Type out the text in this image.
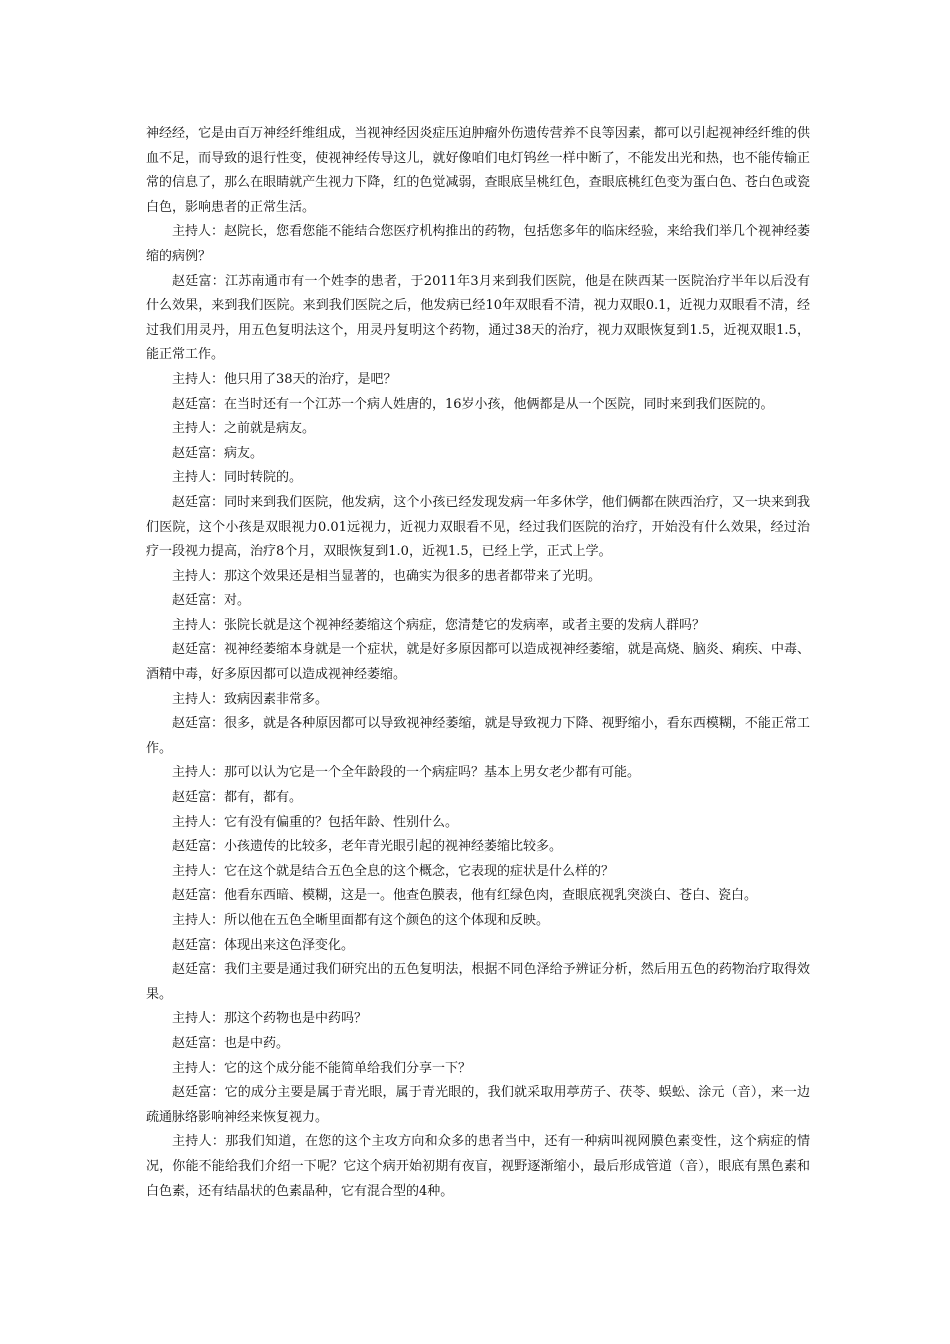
神经经，它是由百万神经纤维组成，当视神经因炎症压迫肿瘤外伤遗传营养不良等因素，都可以引起视神经纤维的供血不足，而导致的退行性变，使视神经传导这儿，就好像咱们电灯钨丝一样中断了，不能发出光和热，也不能传输正常的信息了，那么在眼睛就产生视力下降，红的色觉减弱，查眼底呈桃红色，查眼底桃红色变为蛋白色、苍白色或瓷白色，影响患者的正常生活。

主持人：赵院长，您看您能不能结合您医疗机构推出的药物，包括您多年的临床经验，来给我们举几个视神经萎缩的病例？

赵廷富：江苏南通市有一个姓李的患者，于2011年3月来到我们医院，他是在陕西某一医院治疗半年以后没有什么效果，来到我们医院。来到我们医院之后，他发病已经10年双眼看不清，视力双眼0.1，近视力双眼看不清，经过我们用灵丹，用五色复明法这个，用灵丹复明这个药物，通过38天的治疗，视力双眼恢复到1.5，近视双眼1.5，能正常工作。

主持人：他只用了38天的治疗，是吧？

赵廷富：在当时还有一个江苏一个病人姓唐的，16岁小孩，他俩都是从一个医院，同时来到我们医院的。

主持人：之前就是病友。

赵廷富：病友。

主持人：同时转院的。

赵廷富：同时来到我们医院，他发病，这个小孩已经发现发病一年多休学，他们俩都在陕西治疗，又一块来到我们医院，这个小孩是双眼视力0.01远视力，近视力双眼看不见，经过我们医院的治疗，开始没有什么效果，经过治疗一段视力提高，治疗8个月，双眼恢复到1.0，近视1.5，已经上学，正式上学。

主持人：那这个效果还是相当显著的，也确实为很多的患者都带来了光明。

赵廷富：对。

主持人：张院长就是这个视神经萎缩这个病症，您清楚它的发病率，或者主要的发病人群吗？

赵廷富：视神经萎缩本身就是一个症状，就是好多原因都可以造成视神经萎缩，就是高烧、脑炎、痢疾、中毒、酒精中毒，好多原因都可以造成视神经萎缩。

主持人：致病因素非常多。

赵廷富：很多，就是各种原因都可以导致视神经萎缩，就是导致视力下降、视野缩小，看东西模糊，不能正常工作。

主持人：那可以认为它是一个全年龄段的一个病症吗？基本上男女老少都有可能。

赵廷富：都有，都有。

主持人：它有没有偏重的？包括年龄、性别什么。

赵廷富：小孩遗传的比较多，老年青光眼引起的视神经萎缩比较多。

主持人：它在这个就是结合五色全息的这个概念，它表现的症状是什么样的？

赵廷富：他看东西暗、模糊，这是一。他查色膜表，他有红绿色肉，查眼底视乳突淡白、苍白、瓷白。

主持人：所以他在五色全晰里面都有这个颜色的这个体现和反映。

赵廷富：体现出来这色泽变化。

赵廷富：我们主要是通过我们研究出的五色复明法，根据不同色泽给予辨证分析，然后用五色的药物治疗取得效果。

主持人：那这个药物也是中药吗？

赵廷富：也是中药。

主持人：它的这个成分能不能简单给我们分享一下？

赵廷富：它的成分主要是属于青光眼，属于青光眼的，我们就采取用葶苈子、茯苓、蜈蚣、涂元（音），来一边疏通脉络影响神经来恢复视力。

主持人：那我们知道，在您的这个主攻方向和众多的患者当中，还有一种病叫视网膜色素变性，这个病症的情况，你能不能给我们介绍一下呢？它这个病开始初期有夜盲，视野逐渐缩小，最后形成管道（音），眼底有黑色素和白色素，还有结晶状的色素晶种，它有混合型的4种。
